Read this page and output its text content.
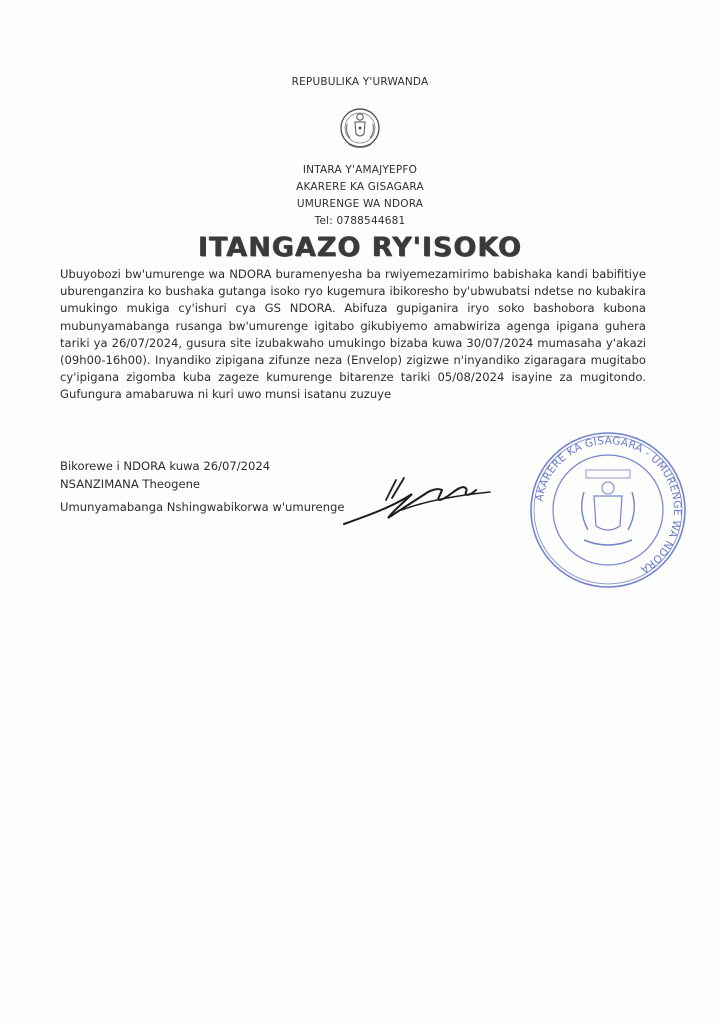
REPUBULIKA Y'URWANDA
INTARA Y'AMAJYEPFO
AKARERE KA GISAGARA
UMURENGE WA NDORA
Tel: 0788544681
ITANGAZO RY'ISOKO
Ubuyobozi bw'umurenge wa NDORA buramenyesha ba rwiyemezamirimo babishaka kandi babifitiye uburenganzira ko bushaka gutanga isoko ryo kugemura ibikoresho by'ubwubatsi ndetse no kubakira umukingo mukiga cy'ishuri cya GS NDORA. Abifuza gupiganira iryo soko bashobora kubona mubunyamabanga rusanga bw'umurenge igitabo gikubiyemo amabwiriza agenga ipigana guhera tariki ya 26/07/2024, gusura site izubakwaho umukingo bizaba kuwa 30/07/2024 mumasaha y'akazi (09h00-16h00). Inyandiko zipigana zifunze neza (Envelop) zigizwe n'inyandiko zigaragara mugitabo cy'ipigana zigomba kuba zageze kumurenge bitarenze tariki 05/08/2024 isayine za mugitondo. Gufungura amabaruwa ni kuri uwo munsi isatanu zuzuye
Bikorewe i NDORA kuwa 26/07/2024
NSANZIMANA Theogene
Umunyamabanga Nshingwabikorwa w'umurenge
AKARERE KA GISAGARA - UMURENGE WA NDORA
